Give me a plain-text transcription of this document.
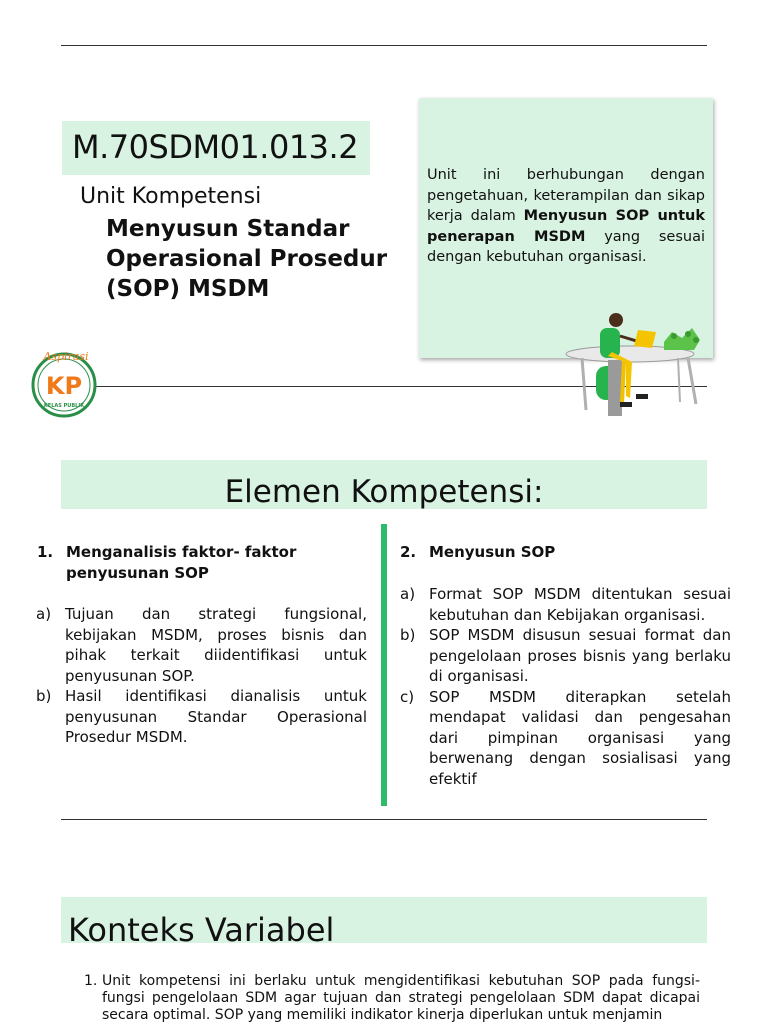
M.70SDM01.013.2
Unit Kompetensi
Menyusun Standar Operasional Prosedur (SOP) MSDM
Unit ini berhubungan dengan pengetahuan, keterampilan dan sikap kerja dalam Menyusun SOP untuk penerapan MSDM yang sesuai dengan kebutuhan organisasi.
Aspirasi
KP
KELAS PUBLIK
Elemen Kompetensi:
1. Menganalisis faktor- faktor penyusunan SOP
a) Tujuan dan strategi fungsional, kebijakan MSDM, proses bisnis dan pihak terkait diidentifikasi untuk penyusunan SOP.
b) Hasil identifikasi dianalisis untuk penyusunan Standar Operasional Prosedur MSDM.
2. Menyusun SOP
a) Format SOP MSDM ditentukan sesuai kebutuhan dan Kebijakan organisasi.
b) SOP MSDM disusun sesuai format dan pengelolaan proses bisnis yang berlaku di organisasi.
c) SOP MSDM diterapkan setelah mendapat validasi dan pengesahan dari pimpinan organisasi yang berwenang dengan sosialisasi yang efektif
Konteks Variabel
1. Unit kompetensi ini berlaku untuk mengidentifikasi kebutuhan SOP pada fungsi-fungsi pengelolaan SDM agar tujuan dan strategi pengelolaan SDM dapat dicapai secara optimal. SOP yang memiliki indikator kinerja diperlukan untuk menjamin
